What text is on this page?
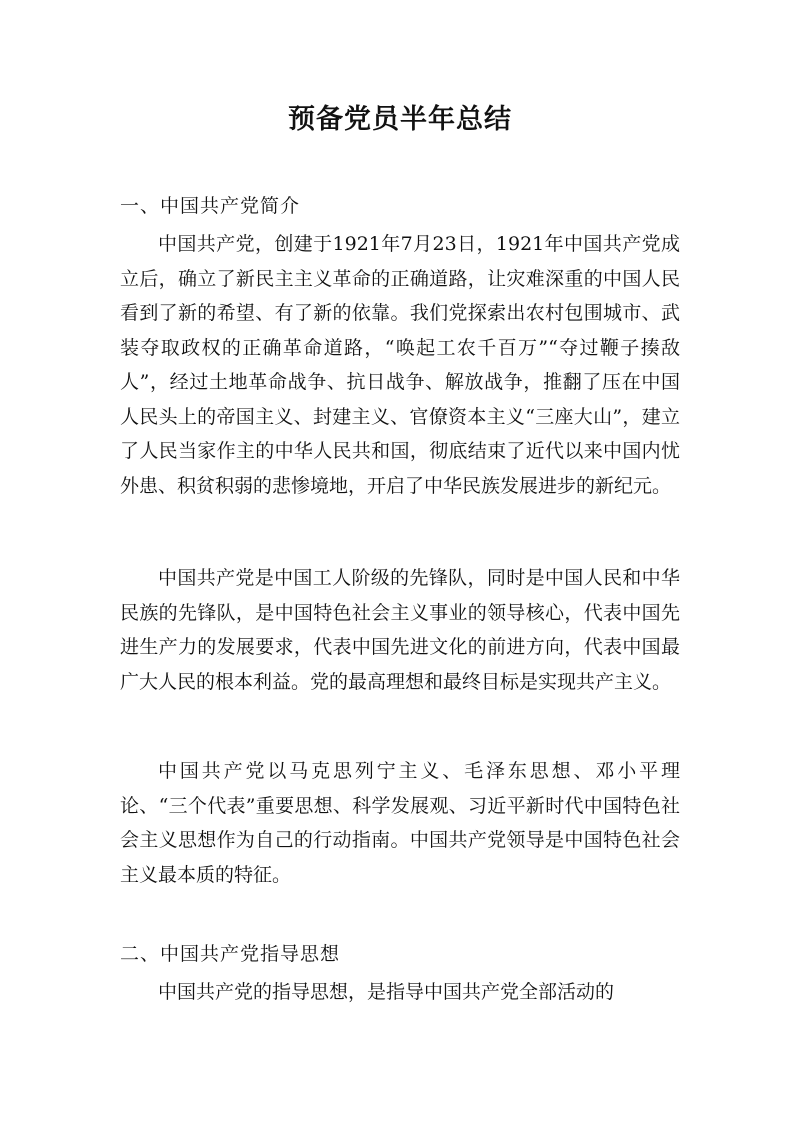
预备党员半年总结
一、中国共产党简介
中国共产党，创建于1921年7月23日，1921年中国共产党成立后，确立了新民主主义革命的正确道路，让灾难深重的中国人民看到了新的希望、有了新的依靠。我们党探索出农村包围城市、武装夺取政权的正确革命道路，“唤起工农千百万”“夺过鞭子揍敌人”，经过土地革命战争、抗日战争、解放战争，推翻了压在中国人民头上的帝国主义、封建主义、官僚资本主义“三座大山”，建立了人民当家作主的中华人民共和国，彻底结束了近代以来中国内忧外患、积贫积弱的悲惨境地，开启了中华民族发展进步的新纪元。
中国共产党是中国工人阶级的先锋队，同时是中国人民和中华民族的先锋队，是中国特色社会主义事业的领导核心，代表中国先进生产力的发展要求，代表中国先进文化的前进方向，代表中国最广大人民的根本利益。党的最高理想和最终目标是实现共产主义。
中国共产党以马克思列宁主义、毛泽东思想、邓小平理论、“三个代表”重要思想、科学发展观、习近平新时代中国特色社会主义思想作为自己的行动指南。中国共产党领导是中国特色社会主义最本质的特征。
二、中国共产党指导思想
中国共产党的指导思想，是指导中国共产党全部活动的
